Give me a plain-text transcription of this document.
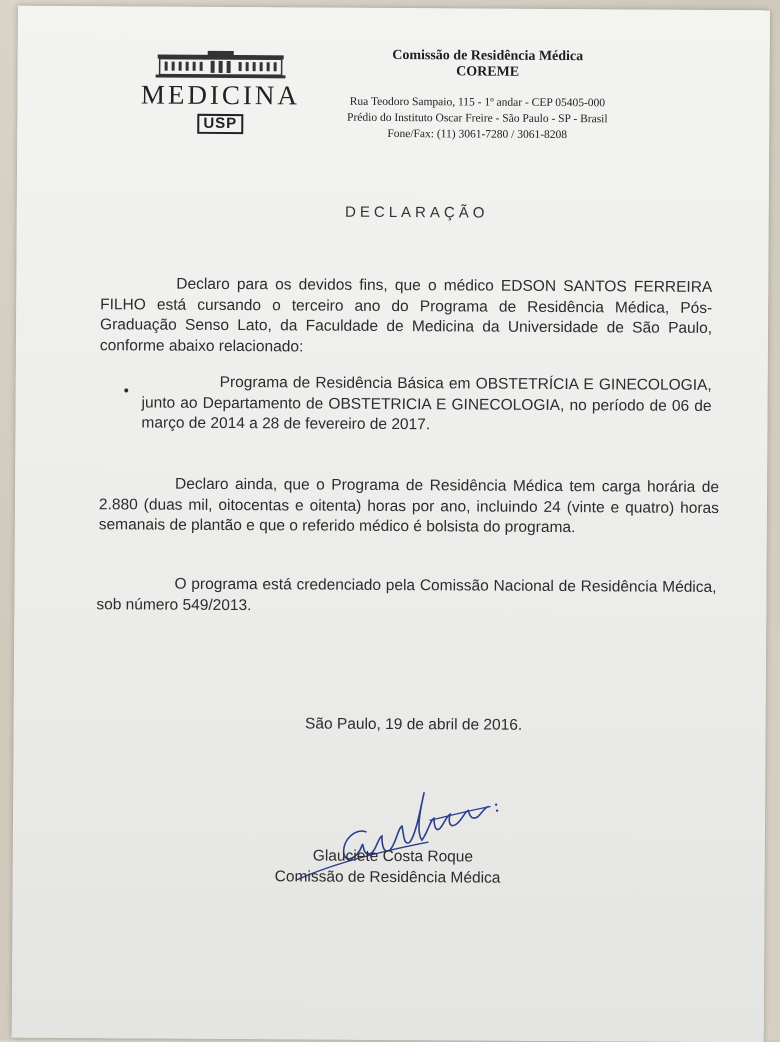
MEDICINA
USP
Comissão de Residência Médica
COREME
Rua Teodoro Sampaio, 115 - 1º andar - CEP 05405-000
Prédio do Instituto Oscar Freire - São Paulo - SP - Brasil
Fone/Fax: (11) 3061-7280 / 3061-8208
DECLARAÇÃO
Declaro para os devidos fins, que o médico EDSON SANTOS FERREIRA FILHO está cursando o terceiro ano do Programa de Residência Médica, Pós-Graduação Senso Lato, da Faculdade de Medicina da Universidade de São Paulo, conforme abaixo relacionado:
•	Programa de Residência Básica em OBSTETRÍCIA E GINECOLOGIA, junto ao Departamento de OBSTETRICIA E GINECOLOGIA, no período de 06 de março de 2014 a 28 de fevereiro de 2017.
Declaro ainda, que o Programa de Residência Médica tem carga horária de 2.880 (duas mil, oitocentas e oitenta) horas por ano, incluindo 24 (vinte e quatro) horas semanais de plantão e que o referido médico é bolsista do programa.
O programa está credenciado pela Comissão Nacional de Residência Médica, sob número 549/2013.
São Paulo, 19 de abril de 2016.
Glauciete Costa Roque
Comissão de Residência Médica
